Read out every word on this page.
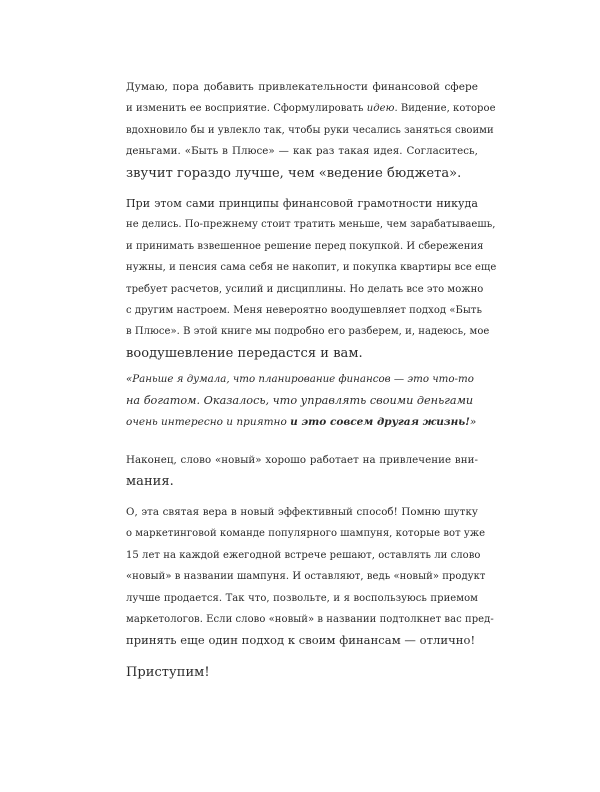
Думаю, пора добавить привлекательности финансовой сфере
и изменить ее восприятие. Сформулировать идею. Видение, которое
вдохновило бы и увлекло так, чтобы руки чесались заняться своими
деньгами. «Быть в Плюсе» — как раз такая идея. Согласитесь,
звучит гораздо лучше, чем «ведение бюджета».
При этом сами принципы финансовой грамотности никуда
не делись. По-прежнему стоит тратить меньше, чем зарабатываешь,
и принимать взвешенное решение перед покупкой. И сбережения
нужны, и пенсия сама себя не накопит, и покупка квартиры все еще
требует расчетов, усилий и дисциплины. Но делать все это можно
с другим настроем. Меня невероятно воодушевляет подход «Быть
в Плюсе». В этой книге мы подробно его разберем, и, надеюсь, мое
воодушевление передастся и вам.
«Раньше я думала, что планирование финансов — это что-то
на богатом. Оказалось, что управлять своими деньгами
очень интересно и приятно и это совсем другая жизнь!»
Наконец, слово «новый» хорошо работает на привлечение вни-
мания.
О, эта святая вера в новый эффективный способ! Помню шутку
о маркетинговой команде популярного шампуня, которые вот уже
15 лет на каждой ежегодной встрече решают, оставлять ли слово
«новый» в названии шампуня. И оставляют, ведь «новый» продукт
лучше продается. Так что, позвольте, и я воспользуюсь приемом
маркетологов. Если слово «новый» в названии подтолкнет вас пред-
принять еще один подход к своим финансам — отлично!
Приступим!
